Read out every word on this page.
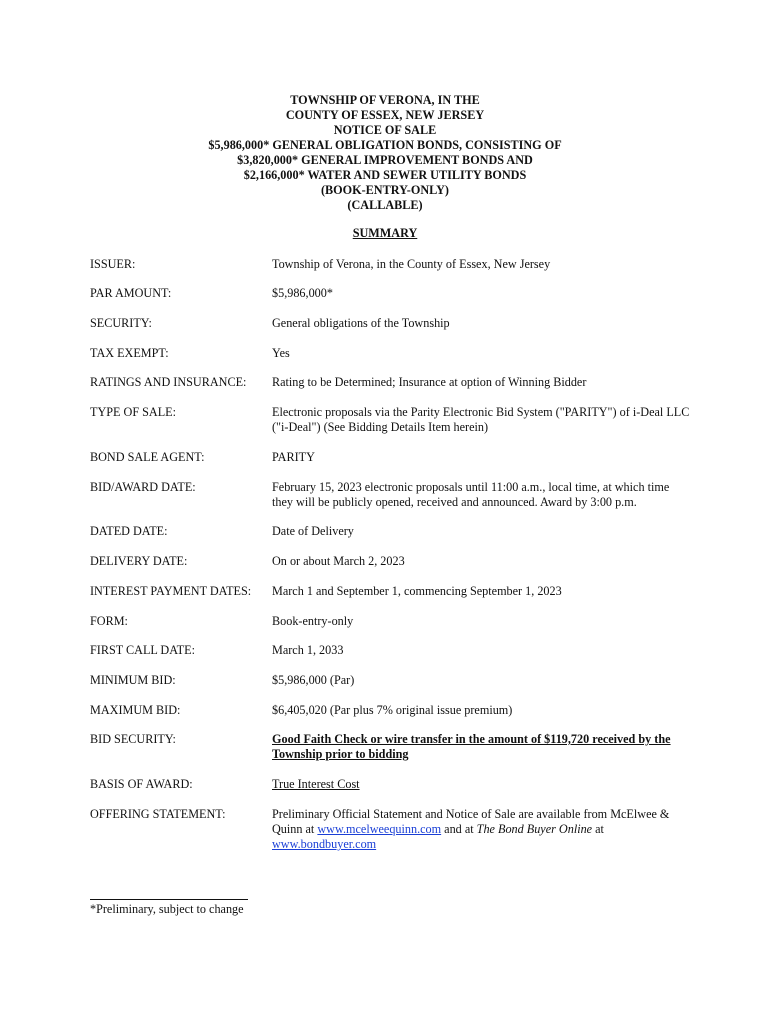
TOWNSHIP OF VERONA, IN THE
COUNTY OF ESSEX, NEW JERSEY
NOTICE OF SALE
$5,986,000* GENERAL OBLIGATION BONDS, CONSISTING OF
$3,820,000* GENERAL IMPROVEMENT BONDS AND
$2,166,000* WATER AND SEWER UTILITY BONDS
(BOOK-ENTRY-ONLY)
(CALLABLE)
SUMMARY
ISSUER:	Township of Verona, in the County of Essex, New Jersey
PAR AMOUNT:	$5,986,000*
SECURITY:	General obligations of the Township
TAX EXEMPT:	Yes
RATINGS AND INSURANCE:	Rating to be Determined; Insurance at option of Winning Bidder
TYPE OF SALE:	Electronic proposals via the Parity Electronic Bid System ("PARITY") of i-Deal LLC ("i-Deal") (See Bidding Details Item herein)
BOND SALE AGENT:	PARITY
BID/AWARD DATE:	February 15, 2023 electronic proposals until 11:00 a.m., local time, at which time they will be publicly opened, received and announced. Award by 3:00 p.m.
DATED DATE:	Date of Delivery
DELIVERY DATE:	On or about March 2, 2023
INTEREST PAYMENT DATES:	March 1 and September 1, commencing September 1, 2023
FORM:	Book-entry-only
FIRST CALL DATE:	March 1, 2033
MINIMUM BID:	$5,986,000 (Par)
MAXIMUM BID:	$6,405,020 (Par plus 7% original issue premium)
BID SECURITY:	Good Faith Check or wire transfer in the amount of $119,720 received by the Township prior to bidding
BASIS OF AWARD:	True Interest Cost
OFFERING STATEMENT:	Preliminary Official Statement and Notice of Sale are available from McElwee & Quinn at www.mcelweequinn.com and at The Bond Buyer Online at www.bondbuyer.com
*Preliminary, subject to change
